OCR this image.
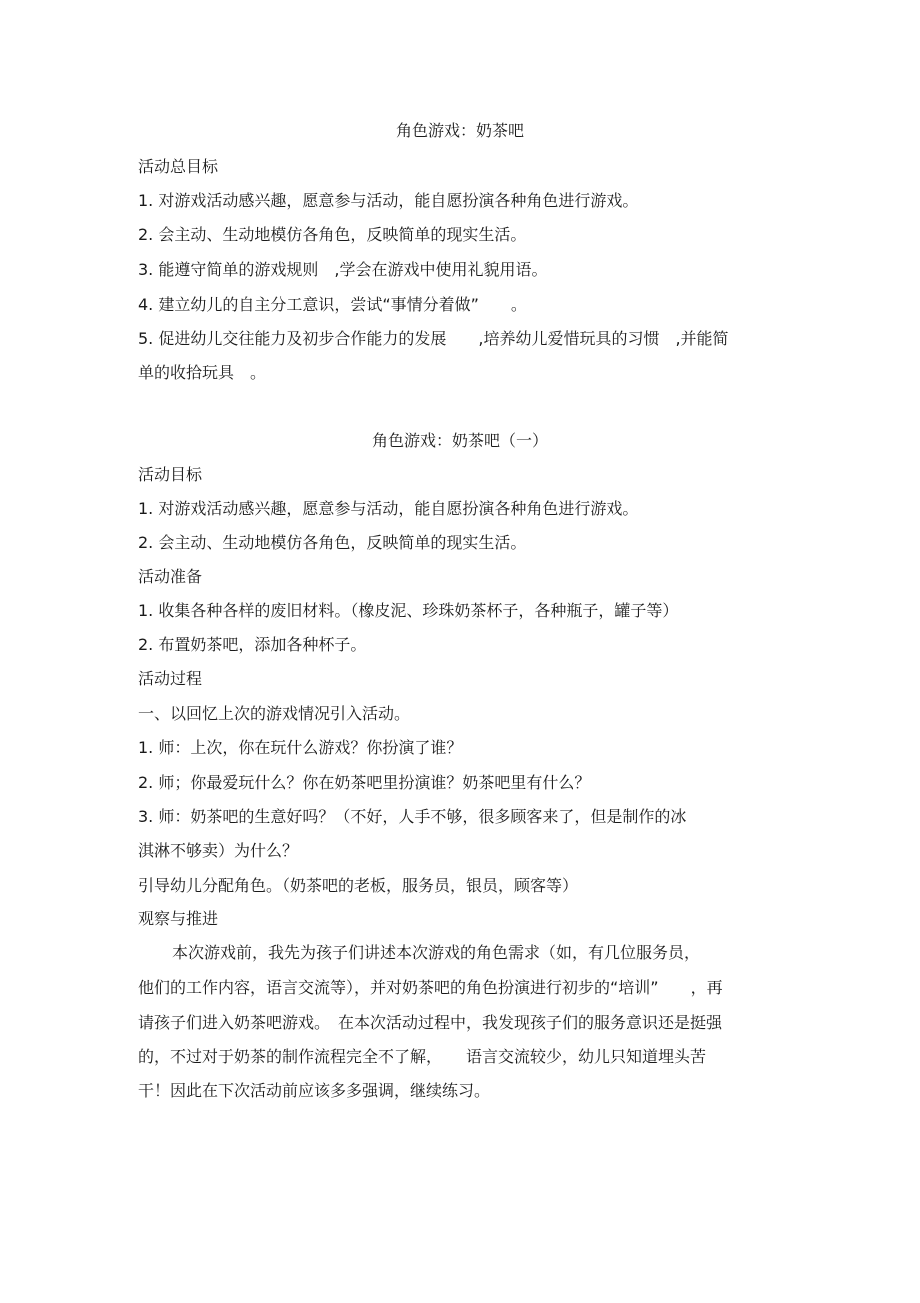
角色游戏：奶茶吧
活动总目标
1. 对游戏活动感兴趣，愿意参与活动，能自愿扮演各种角色进行游戏。
2. 会主动、生动地模仿各角色，反映简单的现实生活。
3. 能遵守简单的游戏规则　,学会在游戏中使用礼貌用语。
4. 建立幼儿的自主分工意识，尝试“事情分着做”　　。
5. 促进幼儿交往能力及初步合作能力的发展　　,培养幼儿爱惜玩具的习惯　,并能简
单的收拾玩具　。
角色游戏：奶茶吧（一）
活动目标
1. 对游戏活动感兴趣，愿意参与活动，能自愿扮演各种角色进行游戏。
2. 会主动、生动地模仿各角色，反映简单的现实生活。
活动准备
1. 收集各种各样的废旧材料。（橡皮泥、珍珠奶茶杯子，各种瓶子，罐子等）
2. 布置奶茶吧，添加各种杯子。
活动过程
一、以回忆上次的游戏情况引入活动。
1. 师：上次，你在玩什么游戏？你扮演了谁？
2. 师；你最爱玩什么？你在奶茶吧里扮演谁？奶茶吧里有什么？
3. 师：奶茶吧的生意好吗？（不好，人手不够，很多顾客来了，但是制作的冰
淇淋不够卖）为什么？
引导幼儿分配角色。（奶茶吧的老板，服务员，银员，顾客等）
观察与推进
本次游戏前，我先为孩子们讲述本次游戏的角色需求（如，有几位服务员，
他们的工作内容，语言交流等），并对奶茶吧的角色扮演进行初步的“培训”　　，再
请孩子们进入奶茶吧游戏。　在本次活动过程中，我发现孩子们的服务意识还是挺强
的，不过对于奶茶的制作流程完全不了解，　　语言交流较少，幼儿只知道埋头苦
干！因此在下次活动前应该多多强调，继续练习。
